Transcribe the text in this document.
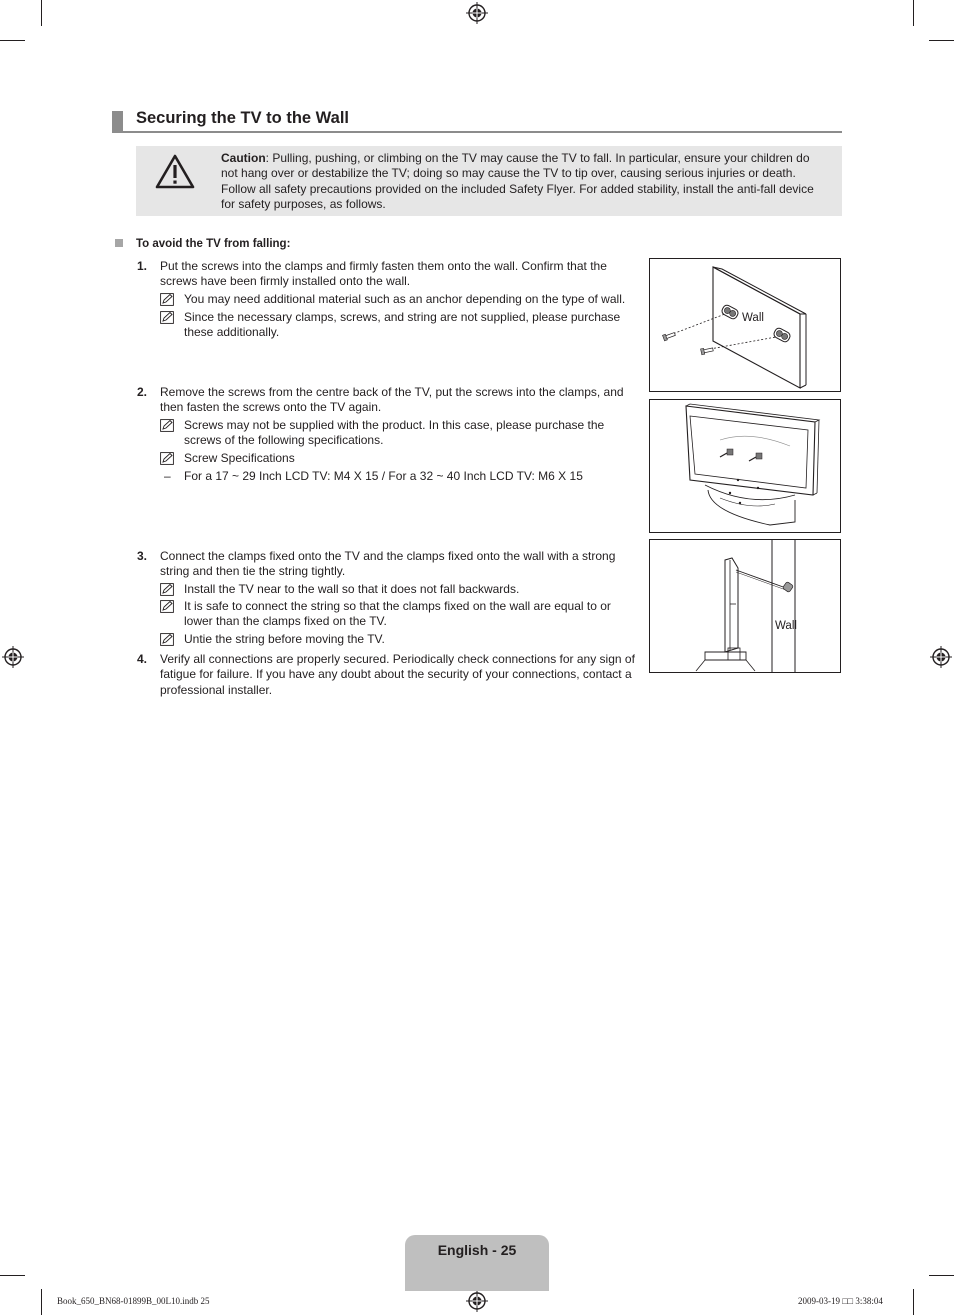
Securing the TV to the Wall
Caution: Pulling, pushing, or climbing on the TV may cause the TV to fall. In particular, ensure your children do not hang over or destabilize the TV; doing so may cause the TV to tip over, causing serious injuries or death. Follow all safety precautions provided on the included Safety Flyer. For added stability, install the anti-fall device for safety purposes, as follows.
To avoid the TV from falling:
1. Put the screws into the clamps and firmly fasten them onto the wall. Confirm that the screws have been firmly installed onto the wall.
You may need additional material such as an anchor depending on the type of wall.
Since the necessary clamps, screws, and string are not supplied, please purchase these additionally.
2. Remove the screws from the centre back of the TV, put the screws into the clamps, and then fasten the screws onto the TV again.
Screws may not be supplied with the product. In this case, please purchase the screws of the following specifications.
Screw Specifications
– For a 17 ~ 29 Inch LCD TV: M4 X 15 / For a 32 ~ 40 Inch LCD TV: M6 X 15
3. Connect the clamps fixed onto the TV and the clamps fixed onto the wall with a strong string and then tie the string tightly.
Install the TV near to the wall so that it does not fall backwards.
It is safe to connect the string so that the clamps fixed on the wall are equal to or lower than the clamps fixed on the TV.
Untie the string before moving the TV.
4. Verify all connections are properly secured. Periodically check connections for any sign of fatigue for failure. If you have any doubt about the security of your connections, contact a professional installer.
Wall
Wall
English - 25
Book_650_BN68-01899B_00L10.indb 25	2009-03-19 □□ 3:38:04
